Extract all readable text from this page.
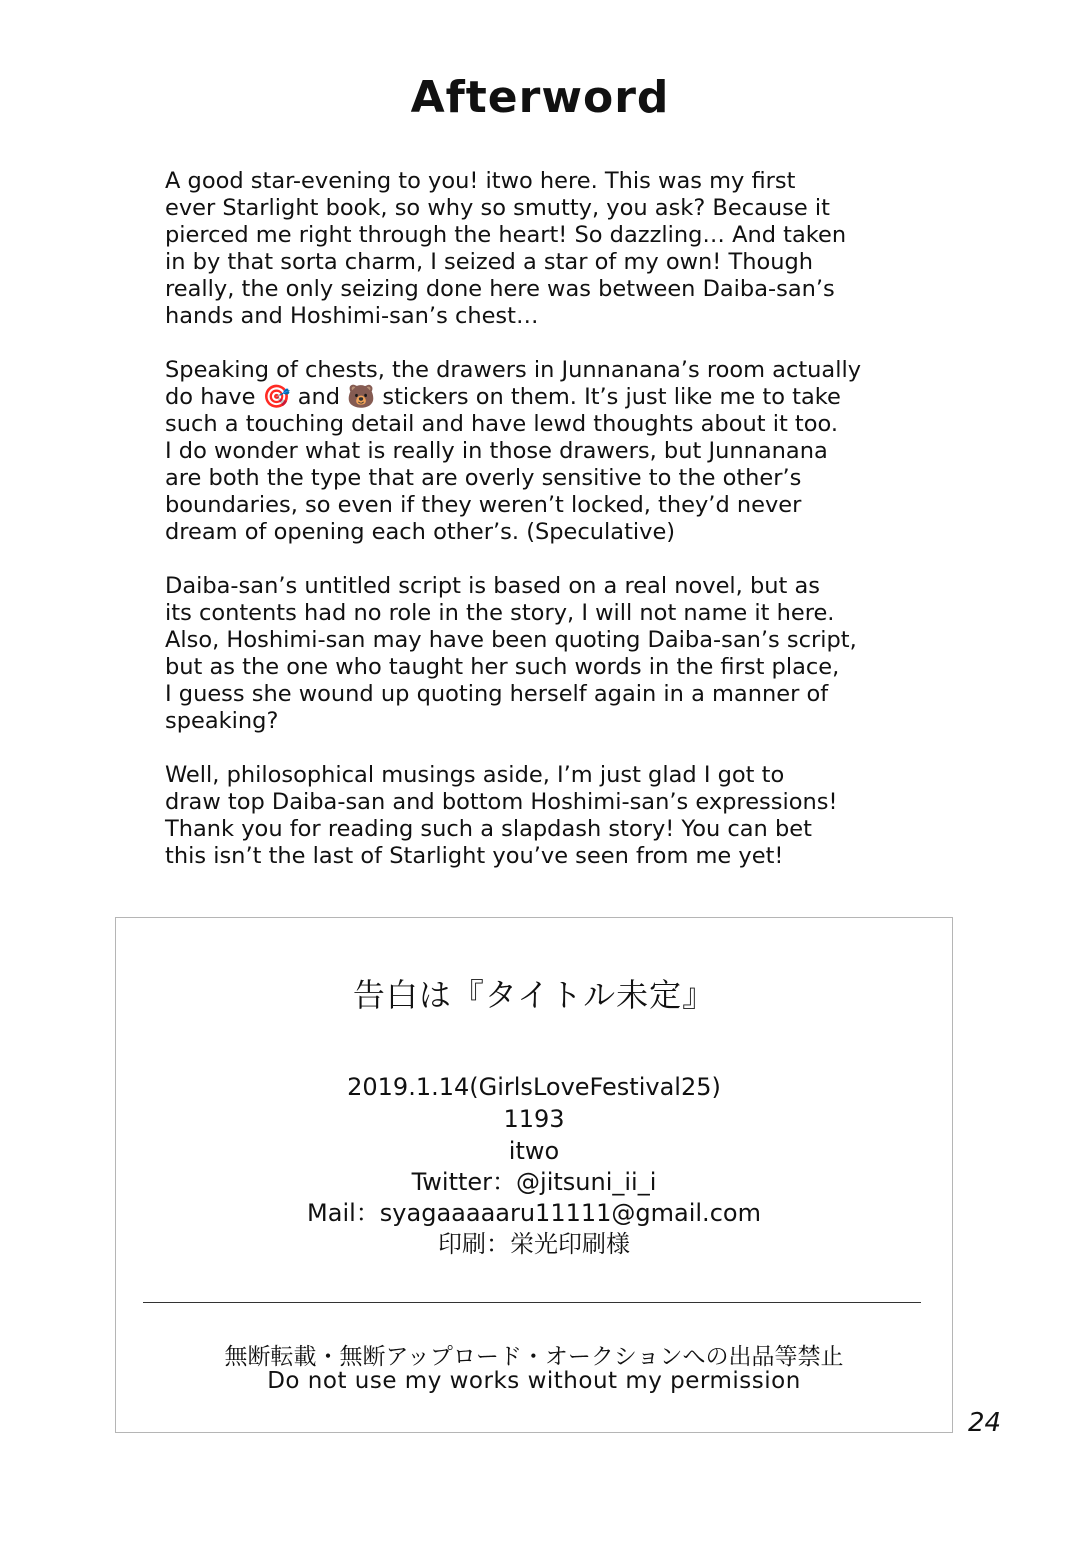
Afterword

A good star-evening to you! itwo here. This was my first
ever Starlight book, so why so smutty, you ask? Because it
pierced me right through the heart! So dazzling… And taken
in by that sorta charm, I seized a star of my own! Though
really, the only seizing done here was between Daiba-san’s
hands and Hoshimi-san’s chest…

Speaking of chests, the drawers in Junnanana’s room actually
do have 🎯 and 🐻 stickers on them. It’s just like me to take
such a touching detail and have lewd thoughts about it too.
I do wonder what is really in those drawers, but Junnanana
are both the type that are overly sensitive to the other’s
boundaries, so even if they weren’t locked, they’d never
dream of opening each other’s. (Speculative)

Daiba-san’s untitled script is based on a real novel, but as
its contents had no role in the story, I will not name it here.
Also, Hoshimi-san may have been quoting Daiba-san’s script,
but as the one who taught her such words in the first place,
I guess she wound up quoting herself again in a manner of
speaking?

Well, philosophical musings aside, I’m just glad I got to
draw top Daiba-san and bottom Hoshimi-san’s expressions!
Thank you for reading such a slapdash story! You can bet
this isn’t the last of Starlight you’ve seen from me yet!

告白は『タイトル未定』
2019.1.14(GirlsLoveFestival25)
1193
itwo
Twitter：@jitsuni_ii_i
Mail：syagaaaaaru11111@gmail.com
印刷：栄光印刷様
無断転載・無断アップロード・オークションへの出品等禁止
Do not use my works without my permission
24
